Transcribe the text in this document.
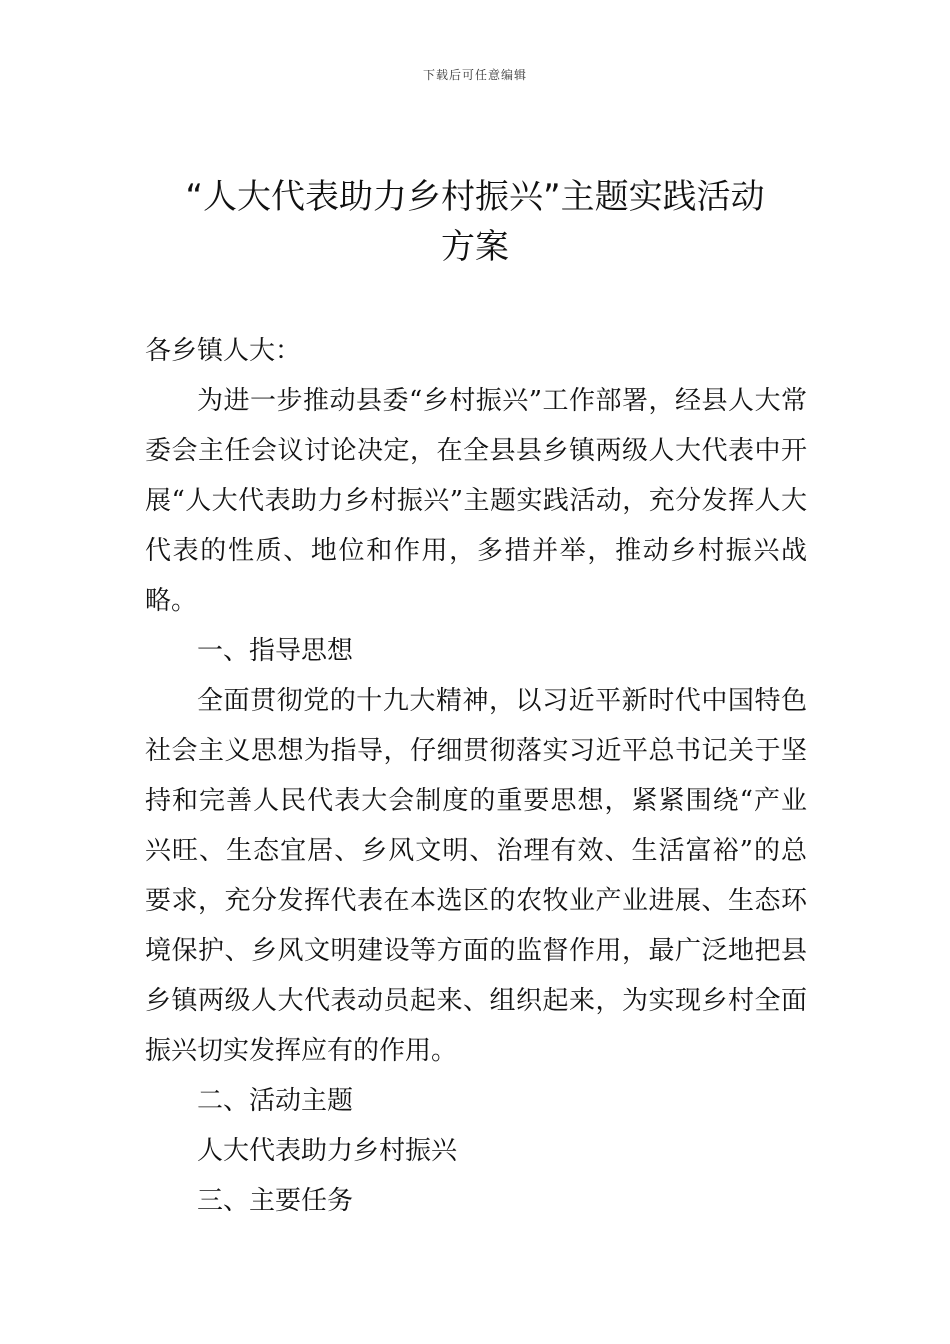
下载后可任意编辑
“人大代表助力乡村振兴”主题实践活动
方案

各乡镇人大：

为进一步推动县委“乡村振兴”工作部署，经县人大常委会主任会议讨论决定，在全县县乡镇两级人大代表中开展“人大代表助力乡村振兴”主题实践活动，充分发挥人大代表的性质、地位和作用，多措并举，推动乡村振兴战略。

一、指导思想

全面贯彻党的十九大精神，以习近平新时代中国特色社会主义思想为指导，仔细贯彻落实习近平总书记关于坚持和完善人民代表大会制度的重要思想，紧紧围绕“产业兴旺、生态宜居、乡风文明、治理有效、生活富裕”的总要求，充分发挥代表在本选区的农牧业产业进展、生态环境保护、乡风文明建设等方面的监督作用，最广泛地把县乡镇两级人大代表动员起来、组织起来，为实现乡村全面振兴切实发挥应有的作用。

二、活动主题

人大代表助力乡村振兴

三、主要任务
